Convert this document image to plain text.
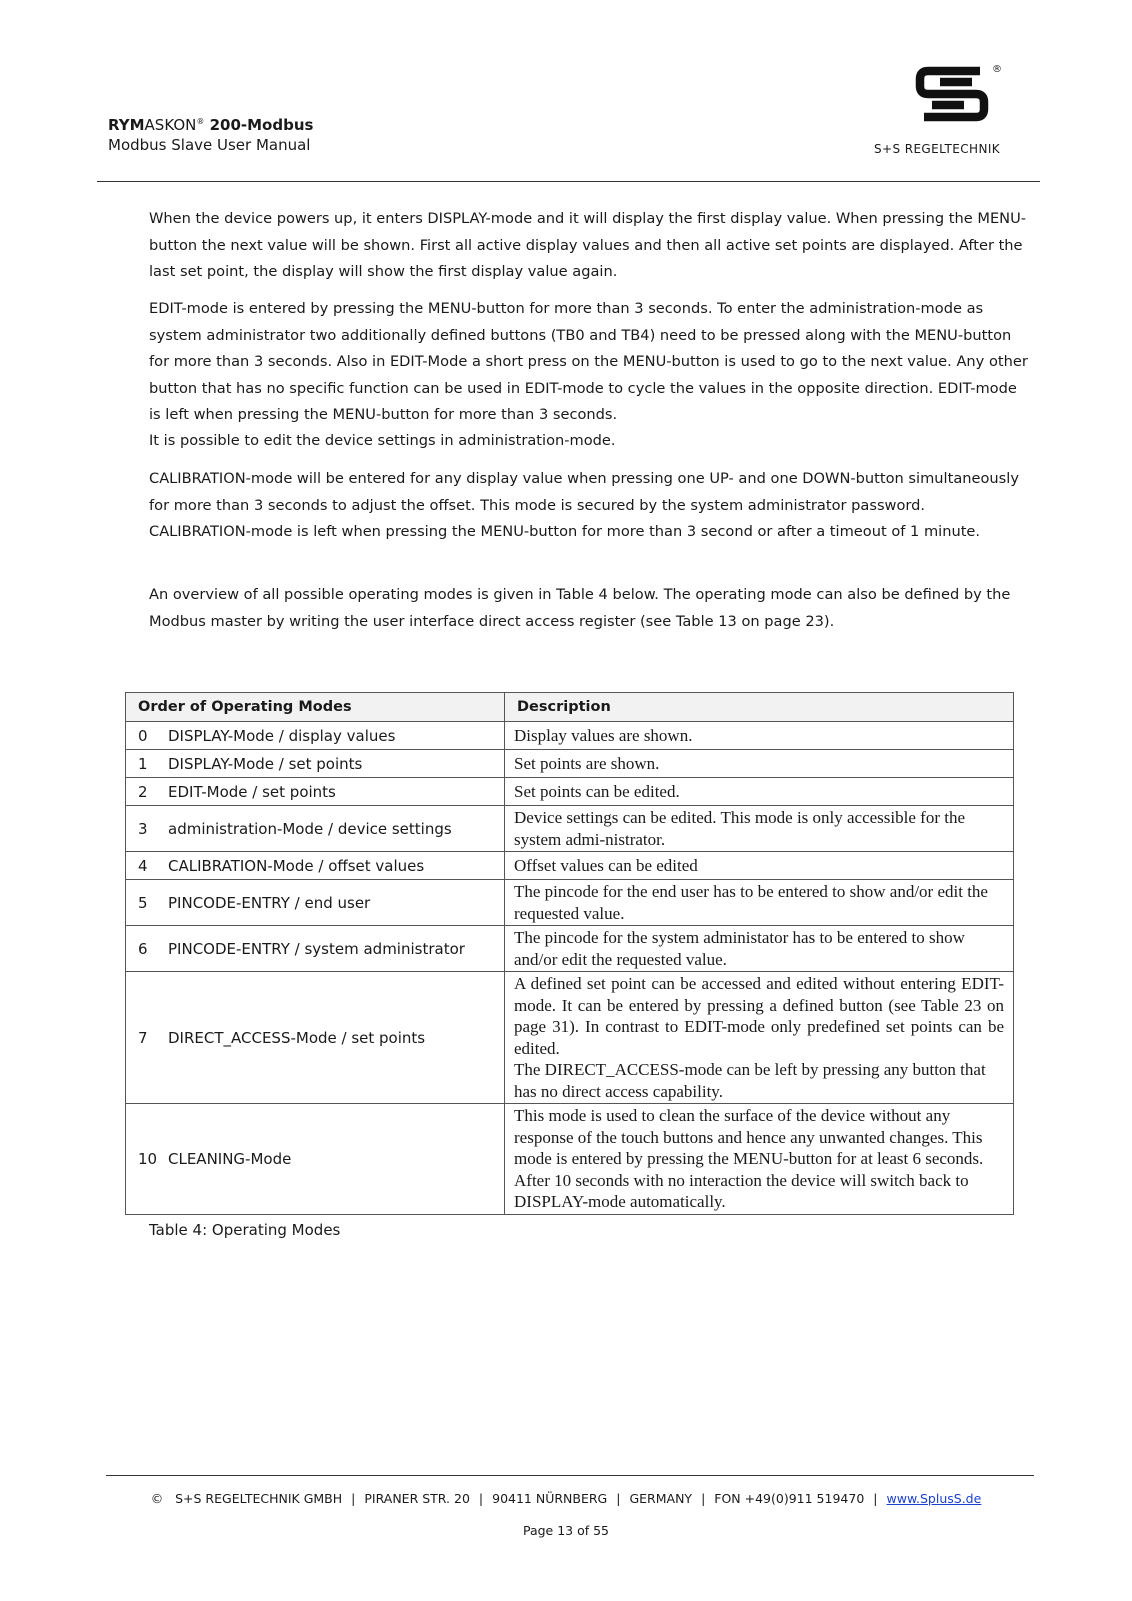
RYMASKON® 200-Modbus
Modbus Slave User Manual
®
S+S REGELTECHNIK

When the device powers up, it enters DISPLAY-mode and it will display the first display value. When pressing the MENU-button the next value will be shown. First all active display values and then all active set points are displayed. After the last set point, the display will show the first display value again.

EDIT-mode is entered by pressing the MENU-button for more than 3 seconds. To enter the administration-mode as system administrator two additionally defined buttons (TB0 and TB4) need to be pressed along with the MENU-button for more than 3 seconds. Also in EDIT-Mode a short press on the MENU-button is used to go to the next value. Any other button that has no specific function can be used in EDIT-mode to cycle the values in the opposite direction. EDIT-mode is left when pressing the MENU-button for more than 3 seconds.

It is possible to edit the device settings in administration-mode.

CALIBRATION-mode will be entered for any display value when pressing one UP- and one DOWN-button simultaneously for more than 3 seconds to adjust the offset. This mode is secured by the system administrator password. CALIBRATION-mode is left when pressing the MENU-button for more than 3 second or after a timeout of 1 minute.

An overview of all possible operating modes is given in Table 4 below. The operating mode can also be defined by the Modbus master by writing the user interface direct access register (see Table 13 on page 23).

Order of Operating Modes	Description
0 DISPLAY-Mode / display values	Display values are shown.
1 DISPLAY-Mode / set points	Set points are shown.
2 EDIT-Mode / set points	Set points can be edited.
3 administration-Mode / device settings	Device settings can be edited. This mode is only accessible for the system admi-nistrator.
4 CALIBRATION-Mode / offset values	Offset values can be edited
5 PINCODE-ENTRY / end user	The pincode for the end user has to be entered to show and/or edit the requested value.
6 PINCODE-ENTRY / system administrator	The pincode for the system administator has to be entered to show and/or edit the requested value.
7 DIRECT_ACCESS-Mode / set points	A defined set point can be accessed and edited without entering EDIT-mode. It can be entered by pressing a defined button (see Table 23 on page 31). In contrast to EDIT-mode only predefined set points can be edited.
The DIRECT_ACCESS-mode can be left by pressing any button that has no direct access capability.

10 CLEANING-Mode	This mode is used to clean the surface of the device without any response of the touch buttons and hence any unwanted changes. This mode is entered by pressing the MENU-button for at least 6 seconds. After 10 seconds with no interaction the device will switch back to DISPLAY-mode automatically.
Table 4: Operating Modes
© S+S REGELTECHNIK GMBH | PIRANER STR. 20 | 90411 NÜRNBERG | GERMANY | FON +49(0)911 519470 | www.SplusS.de
Page 13 of 55
